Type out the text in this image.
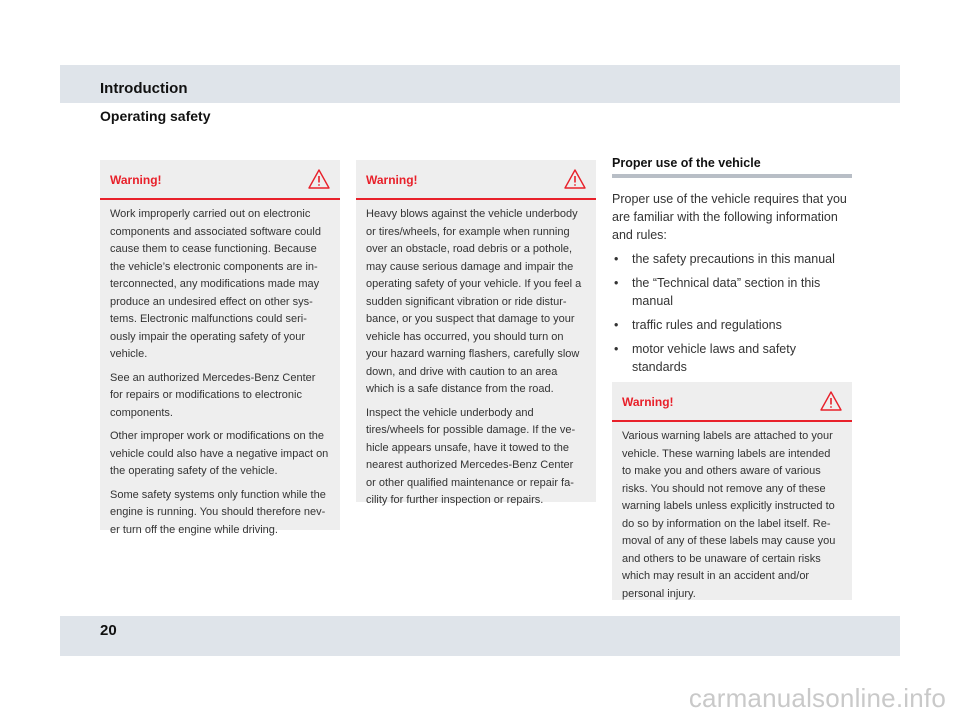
Introduction
Operating safety
Warning!

Work improperly carried out on electronic components and associated software could cause them to cease functioning. Because the vehicle’s electronic components are in-terconnected, any modifications made may produce an undesired effect on other sys-tems. Electronic malfunctions could seri-ously impair the operating safety of your vehicle.

See an authorized Mercedes-Benz Center for repairs or modifications to electronic components.

Other improper work or modifications on the vehicle could also have a negative impact on the operating safety of the vehicle.

Some safety systems only function while the engine is running. You should therefore nev-er turn off the engine while driving.

Warning!

Heavy blows against the vehicle underbody or tires/wheels, for example when running over an obstacle, road debris or a pothole, may cause serious damage and impair the operating safety of your vehicle. If you feel a sudden significant vibration or ride distur-bance, or you suspect that damage to your vehicle has occurred, you should turn on your hazard warning flashers, carefully slow down, and drive with caution to an area which is a safe distance from the road.

Inspect the vehicle underbody and tires/wheels for possible damage. If the ve-hicle appears unsafe, have it towed to the nearest authorized Mercedes-Benz Center or other qualified maintenance or repair fa-cility for further inspection or repairs.

Proper use of the vehicle

Proper use of the vehicle requires that you are familiar with the following information and rules:

• the safety precautions in this manual
• the “Technical data” section in this manual
• traffic rules and regulations
• motor vehicle laws and safety standards
Warning!

Various warning labels are attached to your vehicle. These warning labels are intended to make you and others aware of various risks. You should not remove any of these warning labels unless explicitly instructed to do so by information on the label itself. Re-moval of any of these labels may cause you and others to be unaware of certain risks which may result in an accident and/or personal injury.

20
carmanualsonline.info
